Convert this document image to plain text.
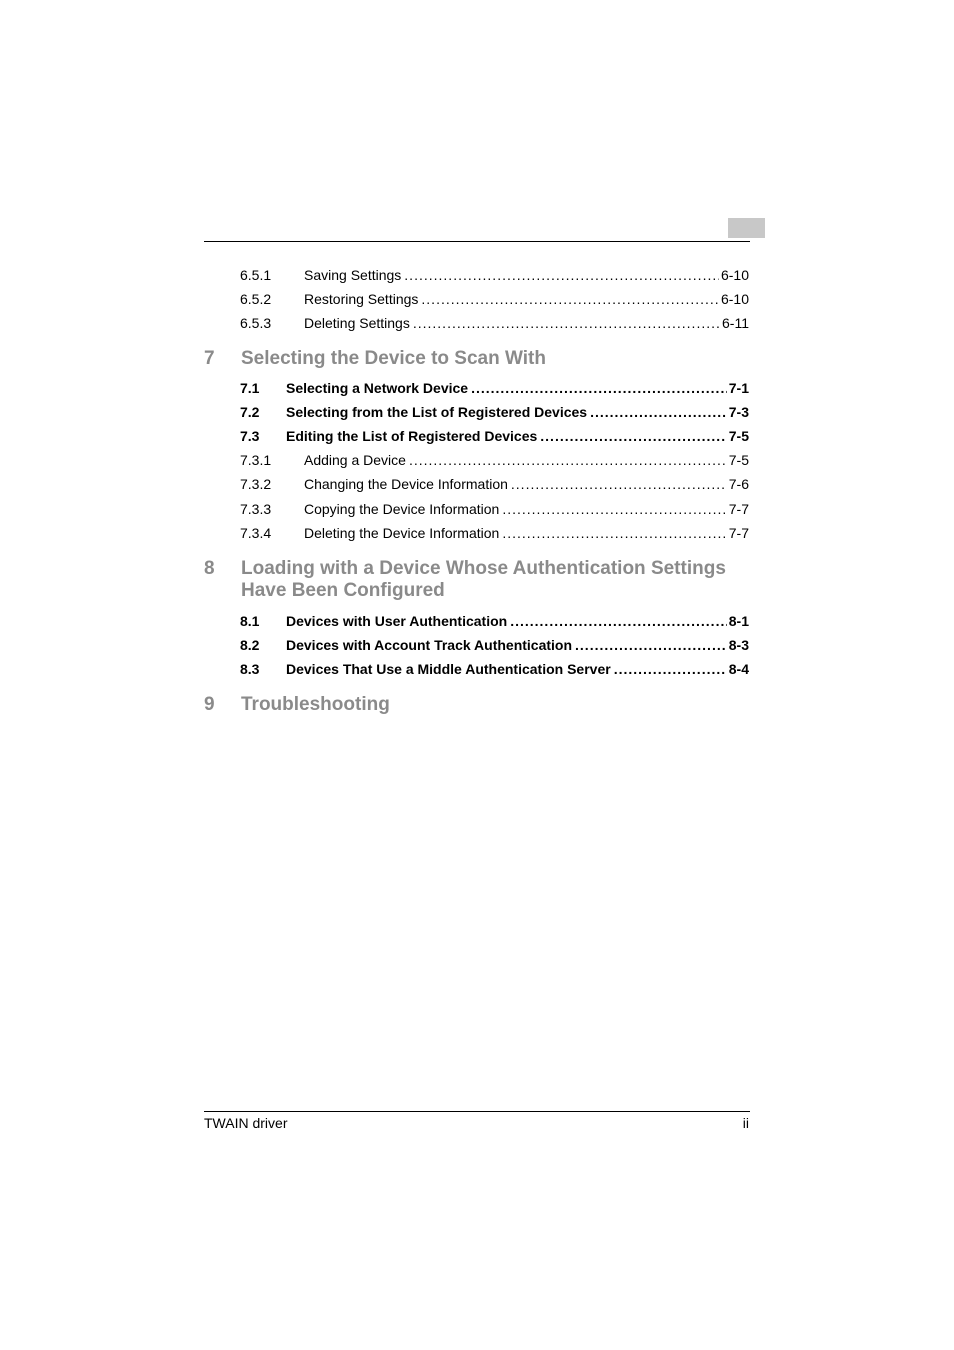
6.5.1 Saving Settings .....	6-10
6.5.2 Restoring Settings .....	6-10
6.5.3 Deleting Settings .....	6-11
7 Selecting the Device to Scan With
7.1 Selecting a Network Device .....	7-1
7.2 Selecting from the List of Registered Devices .....	7-3
7.3 Editing the List of Registered Devices .....	7-5
7.3.1 Adding a Device .....	7-5
7.3.2 Changing the Device Information .....	7-6
7.3.3 Copying the Device Information .....	7-7
7.3.4 Deleting the Device Information .....	7-7
8 Loading with a Device Whose Authentication Settings
Have Been Configured
8.1 Devices with User Authentication .....	8-1
8.2 Devices with Account Track Authentication .....	8-3
8.3 Devices That Use a Middle Authentication Server .....	8-4
9 Troubleshooting
TWAIN driver	ii
